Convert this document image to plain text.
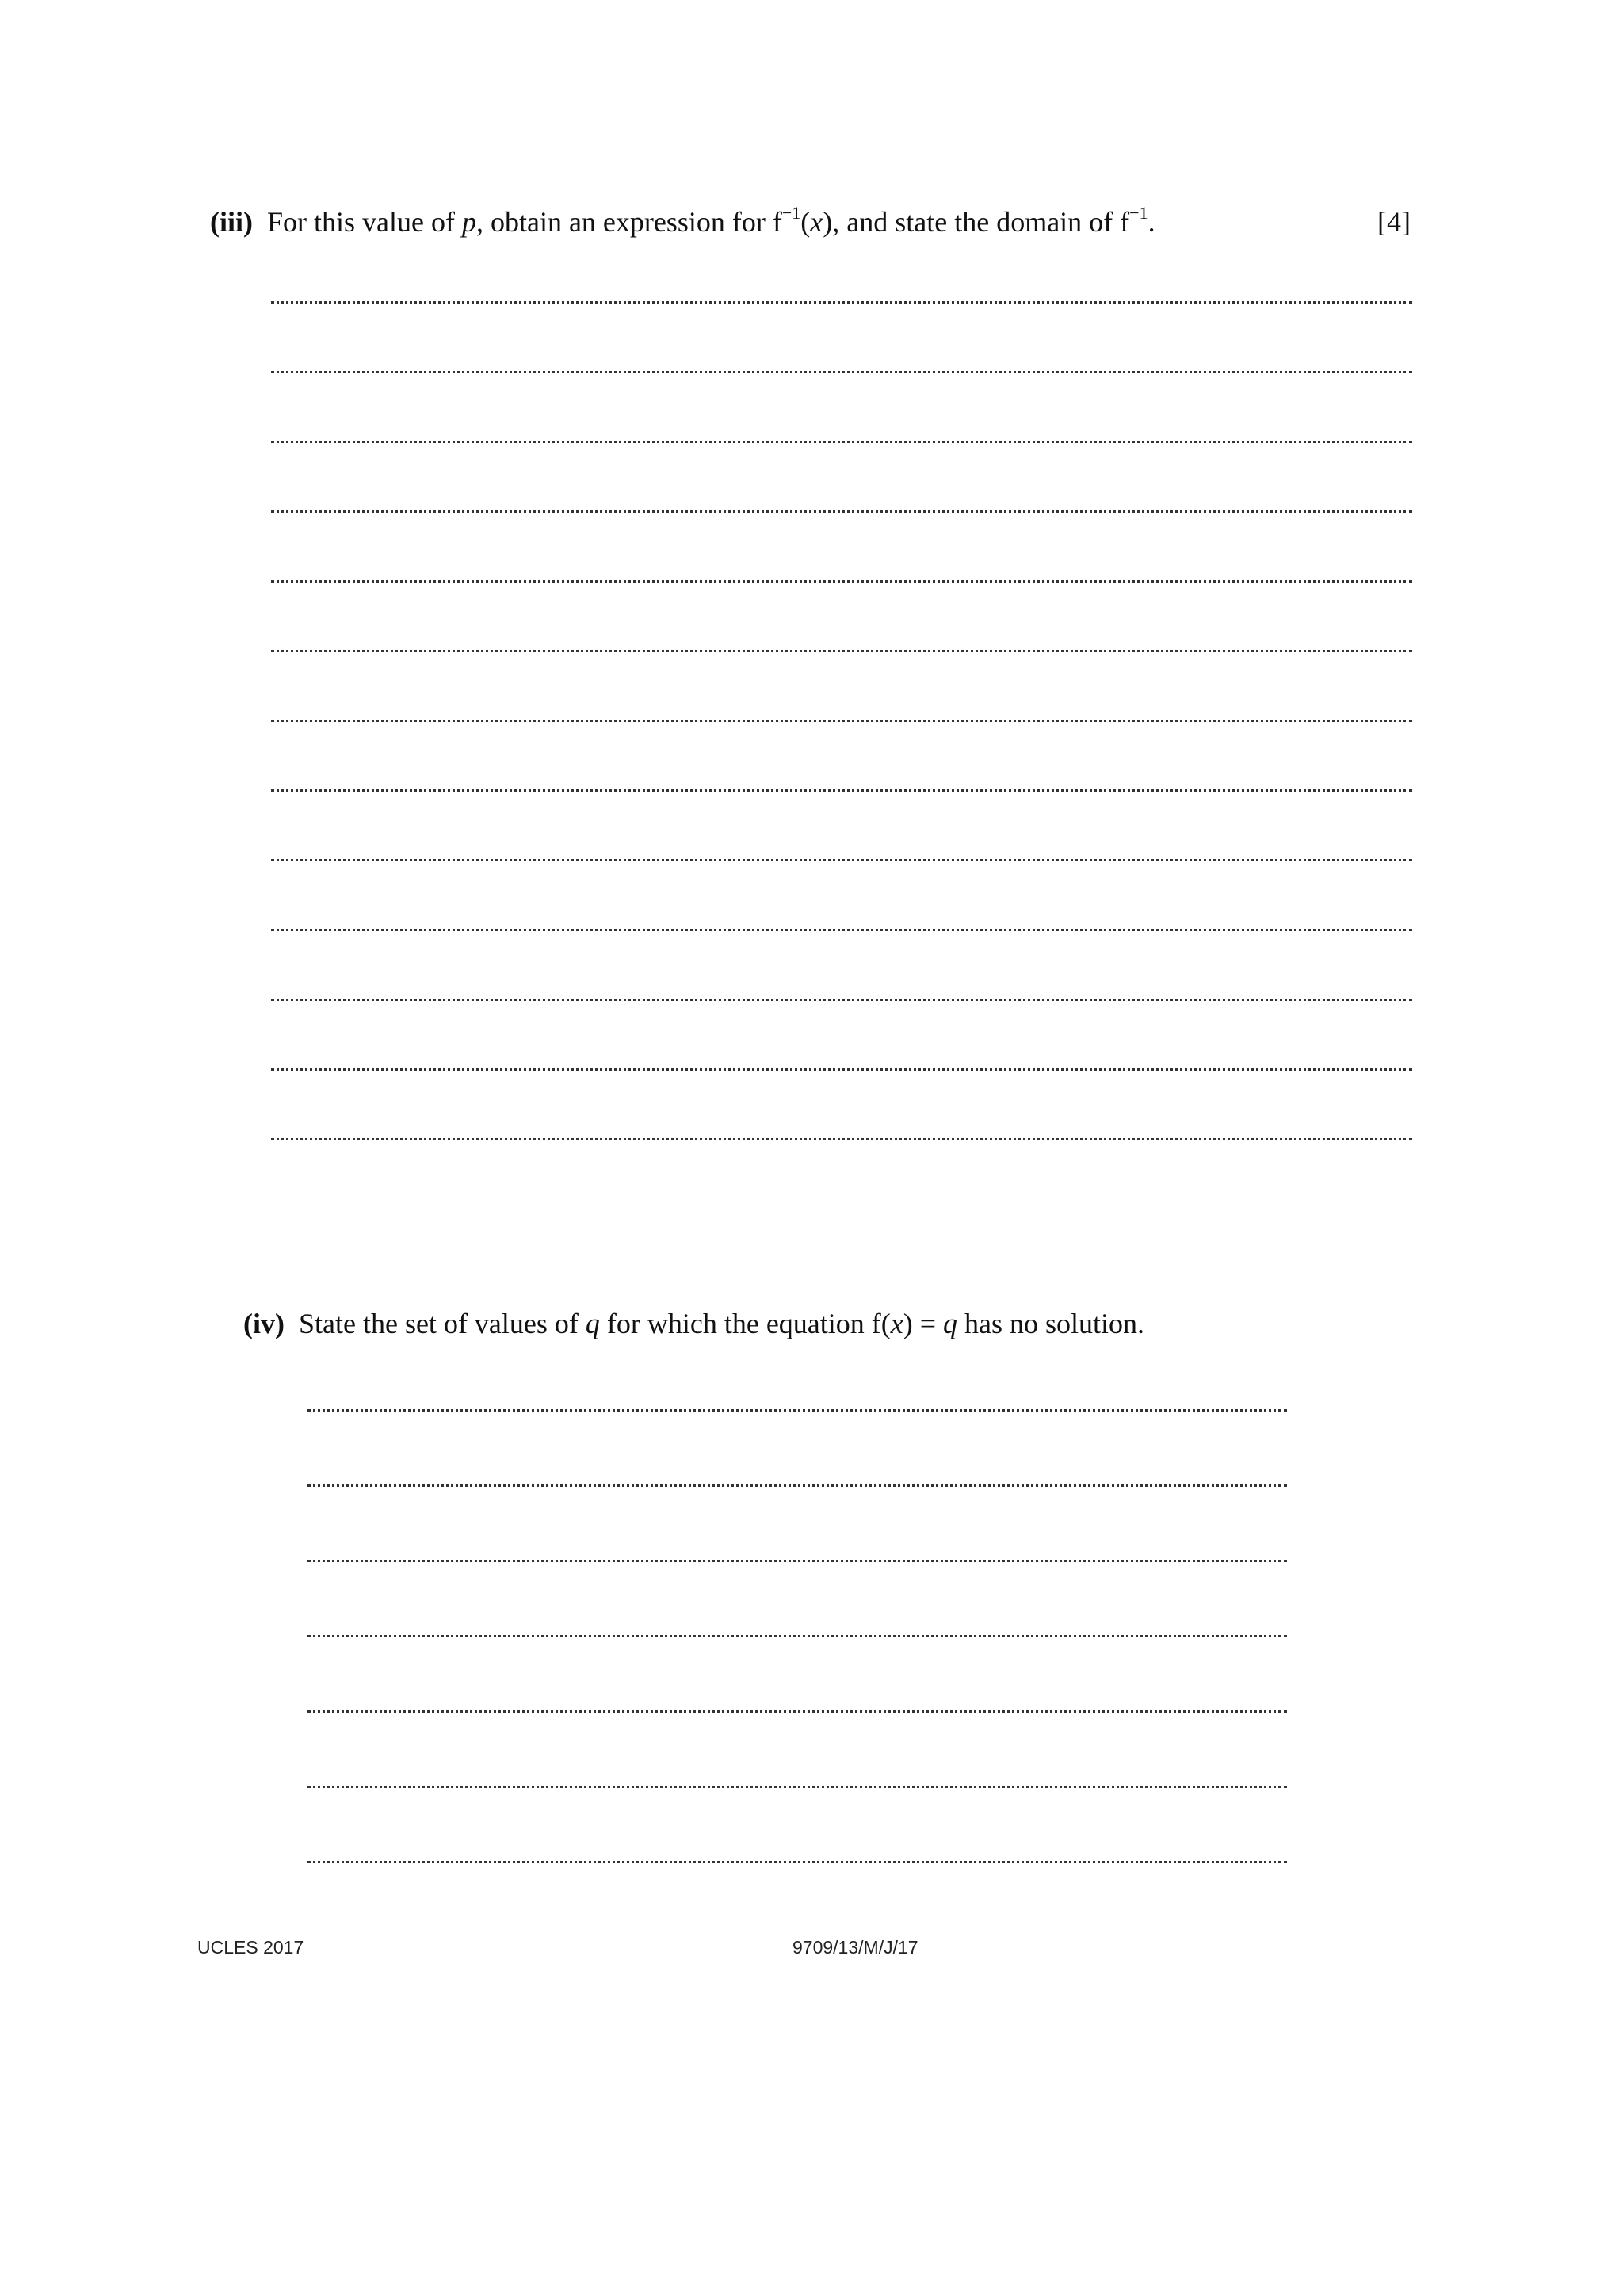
(iii) For this value of p, obtain an expression for $f^{-1}(x)$, and state the domain of $f^{-1}$.	[4]
(iv) State the set of values of q for which the equation f(x) = q has no solution.
UCLES 2017	9709/13/M/J/17
